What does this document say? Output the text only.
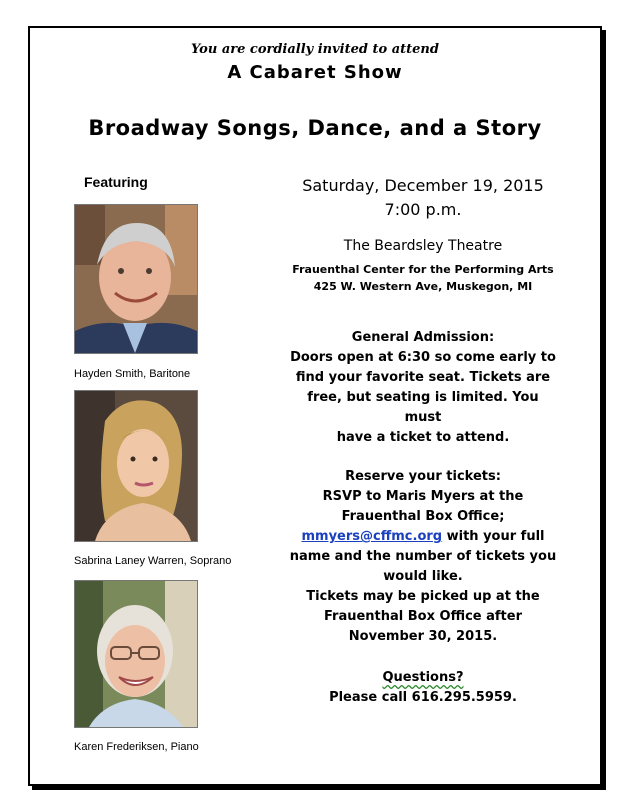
You are cordially invited to attend
A Cabaret Show
Broadway Songs, Dance, and a Story
Featuring
Hayden Smith, Baritone
Sabrina Laney Warren, Soprano
Karen Frederiksen, Piano
Saturday, December 19, 2015
7:00 p.m.
The Beardsley Theatre
Frauenthal Center for the Performing Arts
425 W. Western Ave, Muskegon, MI
General Admission:
Doors open at 6:30 so come early to
find your favorite seat. Tickets are
free, but seating is limited. You must
have a ticket to attend.
Reserve your tickets:
RSVP to Maris Myers at the
Frauenthal Box Office;
mmyers@cffmc.org with your full
name and the number of tickets you
would like.
Tickets may be picked up at the
Frauenthal Box Office after
November 30, 2015.
Questions?
Please call 616.295.5959.
